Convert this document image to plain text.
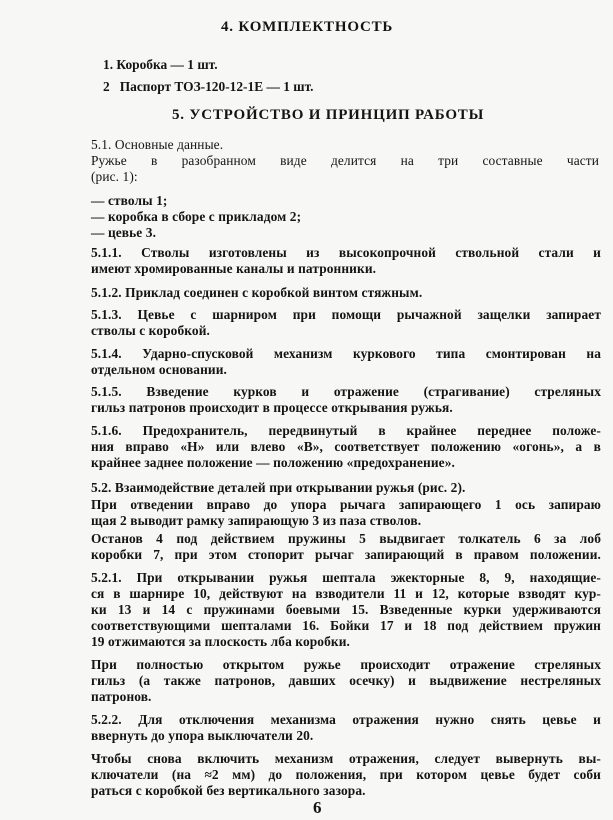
4. КОМПЛЕКТНОСТЬ
1. Коробка — 1 шт.
2 Паспорт ТОЗ-120-12-1Е — 1 шт.
5. УСТРОЙСТВО И ПРИНЦИП РАБОТЫ
5.1. Основные данные.
Ружье в разобранном виде делится на три составные части
(рис. 1):
— стволы 1;
— коробка в сборе с прикладом 2;
— цевье 3.
5.1.1. Стволы изготовлены из высокопрочной ствольной стали и
имеют хромированные каналы и патронники.
5.1.2. Приклад соединен с коробкой винтом стяжным.
5.1.3. Цевье с шарниром при помощи рычажной защелки запирает
стволы с коробкой.
5.1.4. Ударно-спусковой механизм куркового типа смонтирован на
отдельном основании.
5.1.5. Взведение курков и отражение (страгивание) стреляных
гильз патронов происходит в процессе открывания ружья.
5.1.6. Предохранитель, передвинутый в крайнее переднее положе-
ния вправо «Н» или влево «В», соответствует положению «огонь», а в
крайнее заднее положение — положению «предохранение».
5.2. Взаимодействие деталей при открывании ружья (рис. 2).
При отведении вправо до упора рычага запирающего 1 ось запираю
щая 2 выводит рамку запирающую 3 из паза стволов.
Останов 4 под действием пружины 5 выдвигает толкатель 6 за лоб
коробки 7, при этом стопорит рычаг запирающий в правом положении.
5.2.1. При открывании ружья шептала эжекторные 8, 9, находящие-
ся в шарнире 10, действуют на взводители 11 и 12, которые взводят кур-
ки 13 и 14 с пружинами боевыми 15. Взведенные курки удерживаются
соответствующими шепталами 16. Бойки 17 и 18 под действием пружин
19 отжимаются за плоскость лба коробки.
При полностью открытом ружье происходит отражение стреляных
гильз (а также патронов, давших осечку) и выдвижение нестреляных
патронов.
5.2.2. Для отключения механизма отражения нужно снять цевье и
ввернуть до упора выключатели 20.
Чтобы снова включить механизм отражения, следует вывернуть вы-
ключатели (на ≈2 мм) до положения, при котором цевье будет соби
раться с коробкой без вертикального зазора.
6
